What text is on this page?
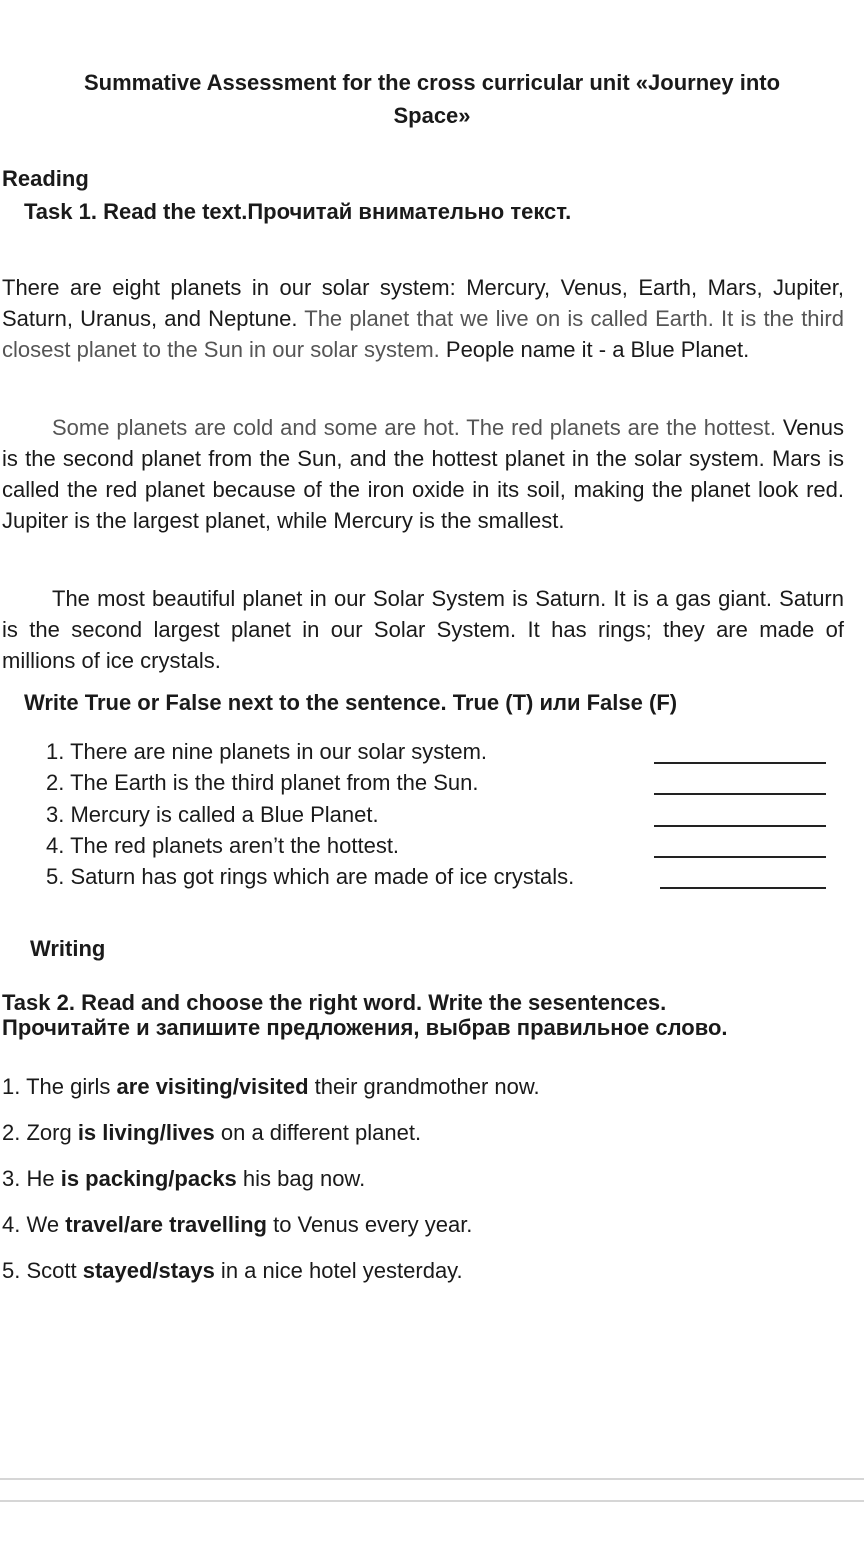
Summative Assessment for the cross curricular unit «Journey into
Space»
Reading
Task 1. Read the text.Прочитай внимательно текст.
There are eight planets in our solar system: Mercury, Venus, Earth, Mars, Jupiter, Saturn, Uranus, and Neptune. The planet that we live on is called Earth. It is the third closest planet to the Sun in our solar system. People name it - a Blue Planet.
Some planets are cold and some are hot. The red planets are the hottest. Venus is the second planet from the Sun, and the hottest planet in the solar system. Mars is called the red planet because of the iron oxide in its soil, making the planet look red. Jupiter is the largest planet, while Mercury is the smallest.
The most beautiful planet in our Solar System is Saturn. It is a gas giant. Saturn is the second largest planet in our Solar System. It has rings; they are made of millions of ice crystals.
Write True or False next to the sentence. True (T) или False (F)
1. There are nine planets in our solar system.
2. The Earth is the third planet from the Sun.
3. Mercury is called a Blue Planet.
4. The red planets aren’t the hottest.
5. Saturn has got rings which are made of ice crystals.
Writing
Task 2. Read and choose the right word. Write the sesentences.
Прочитайте и запишите предложения, выбрав правильное слово.
1. The girls are visiting/visited their grandmother now.
2. Zorg is living/lives on a different planet.
3. He is packing/packs his bag now.
4. We travel/are travelling to Venus every year.
5. Scott stayed/stays in a nice hotel yesterday.
